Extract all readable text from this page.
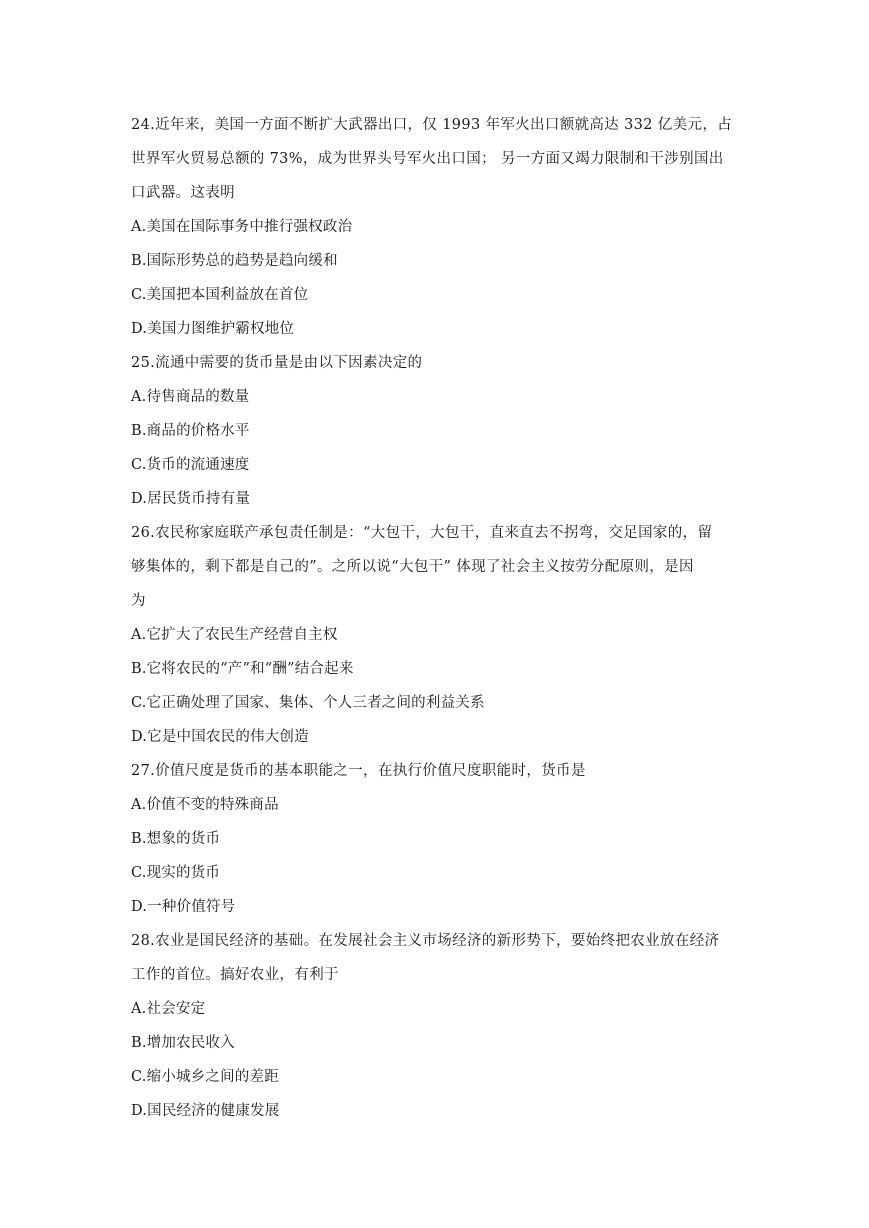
24.近年来，美国一方面不断扩大武器出口，仅 1993 年军火出口额就高达 332 亿美元，占
世界军火贸易总额的 73%，成为世界头号军火出口国； 另一方面又竭力限制和干涉别国出
口武器。这表明
A.美国在国际事务中推行强权政治
B.国际形势总的趋势是趋向缓和
C.美国把本国利益放在首位
D.美国力图维护霸权地位
25.流通中需要的货币量是由以下因素决定的
A.待售商品的数量
B.商品的价格水平
C.货币的流通速度
D.居民货币持有量
26.农民称家庭联产承包责任制是：“大包干，大包干，直来直去不拐弯，交足国家的，留
够集体的，剩下都是自己的”。之所以说“大包干” 体现了社会主义按劳分配原则，是因
为
A.它扩大了农民生产经营自主权
B.它将农民的“产”和“酬”结合起来
C.它正确处理了国家、集体、个人三者之间的利益关系
D.它是中国农民的伟大创造
27.价值尺度是货币的基本职能之一，在执行价值尺度职能时，货币是
A.价值不变的特殊商品
B.想象的货币
C.现实的货币
D.一种价值符号
28.农业是国民经济的基础。在发展社会主义市场经济的新形势下，要始终把农业放在经济
工作的首位。搞好农业，有利于
A.社会安定
B.增加农民收入
C.缩小城乡之间的差距
D.国民经济的健康发展
